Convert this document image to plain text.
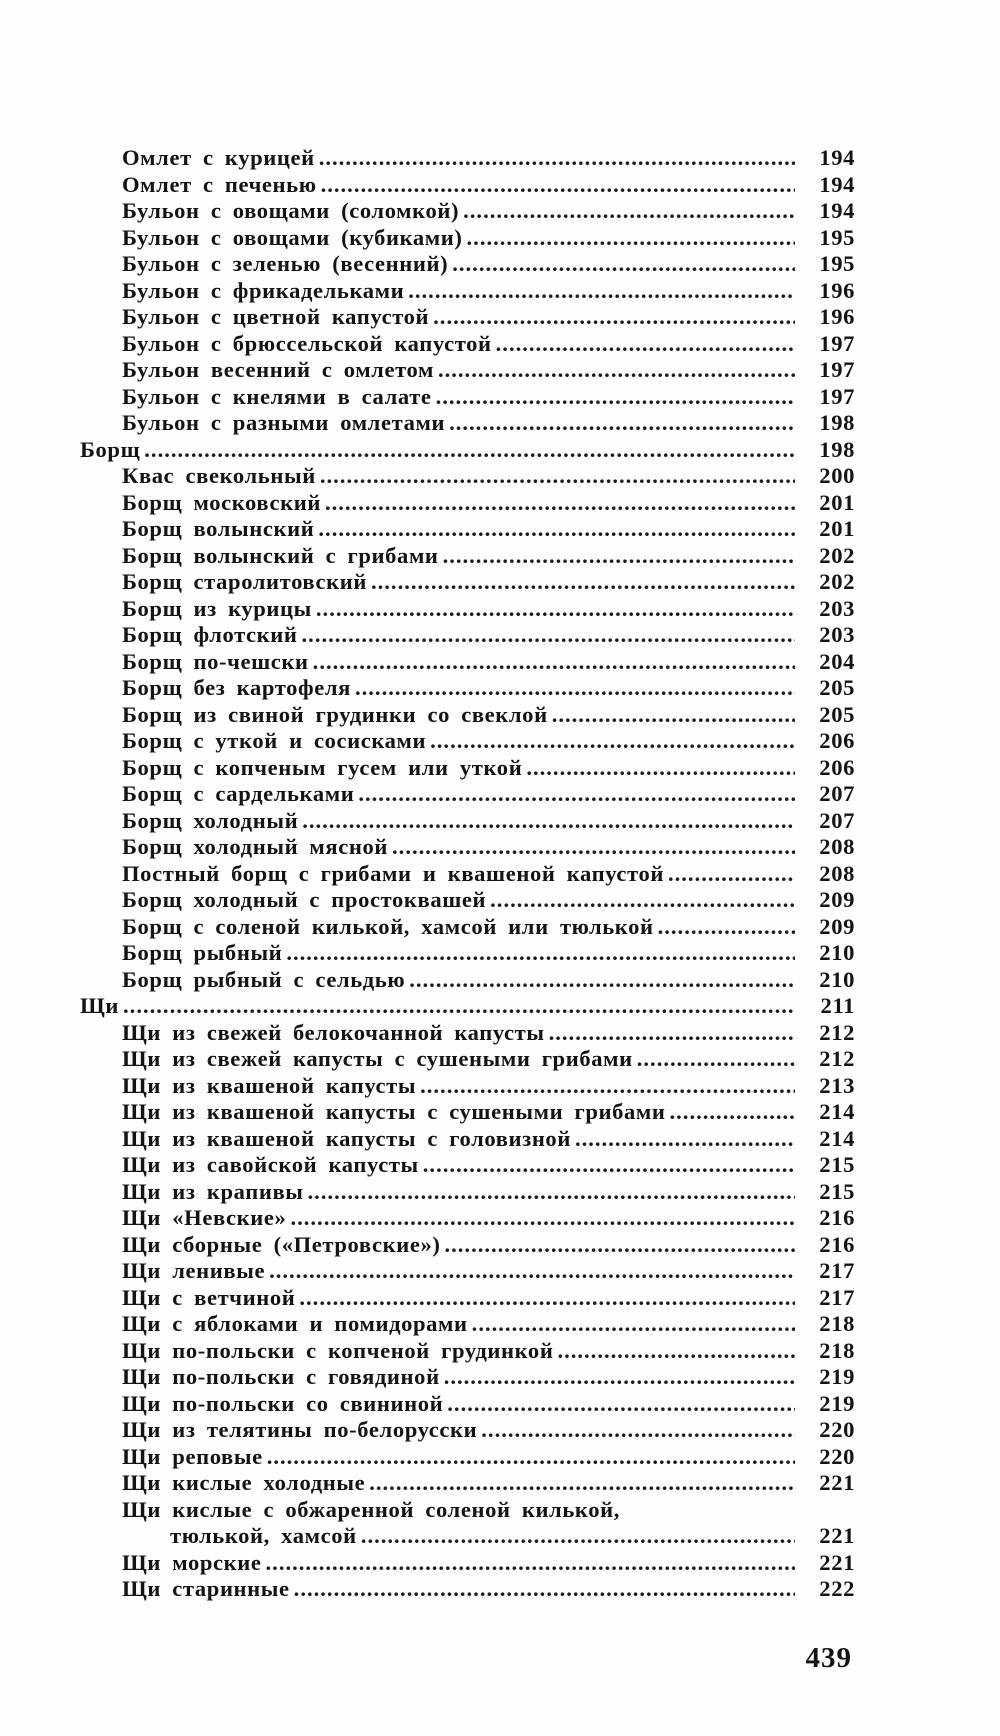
Омлет с курицей .....	194
Омлет с печенью .....	194
Бульон с овощами (соломкой) .....	194
Бульон с овощами (кубиками) .....	195
Бульон с зеленью (весенний) .....	195
Бульон с фрикадельками .....	196
Бульон с цветной капустой .....	196
Бульон с брюссельской капустой .....	197
Бульон весенний с омлетом .....	197
Бульон с кнелями в салате .....	197
Бульон с разными омлетами .....	198
Борщ .....	198
Квас свекольный .....	200
Борщ московский .....	201
Борщ волынский .....	201
Борщ волынский с грибами .....	202
Борщ старолитовский .....	202
Борщ из курицы .....	203
Борщ флотский .....	203
Борщ по-чешски .....	204
Борщ без картофеля .....	205
Борщ из свиной грудинки со свеклой .....	205
Борщ с уткой и сосисками .....	206
Борщ с копченым гусем или уткой .....	206
Борщ с сардельками .....	207
Борщ холодный .....	207
Борщ холодный мясной .....	208
Постный борщ с грибами и квашеной капустой .....	208
Борщ холодный с простоквашей .....	209
Борщ с соленой килькой, хамсой или тюлькой .....	209
Борщ рыбный .....	210
Борщ рыбный с сельдью .....	210
Щи .....	211
Щи из свежей белокочанной капусты .....	212
Щи из свежей капусты с сушеными грибами .....	212
Щи из квашеной капусты .....	213
Щи из квашеной капусты с сушеными грибами .....	214
Щи из квашеной капусты с головизной .....	214
Щи из савойской капусты .....	215
Щи из крапивы .....	215
Щи «Невские» .....	216
Щи сборные («Петровские») .....	216
Щи ленивые .....	217
Щи с ветчиной .....	217
Щи с яблоками и помидорами .....	218
Щи по-польски с копченой грудинкой .....	218
Щи по-польски с говядиной .....	219
Щи по-польски со свининой .....	219
Щи из телятины по-белорусски .....	220
Щи реповые .....	220
Щи кислые холодные .....	221
Щи кислые с обжаренной соленой килькой,
тюлькой, хамсой .....	221
Щи морские .....	221
Щи старинные .....	222
439
